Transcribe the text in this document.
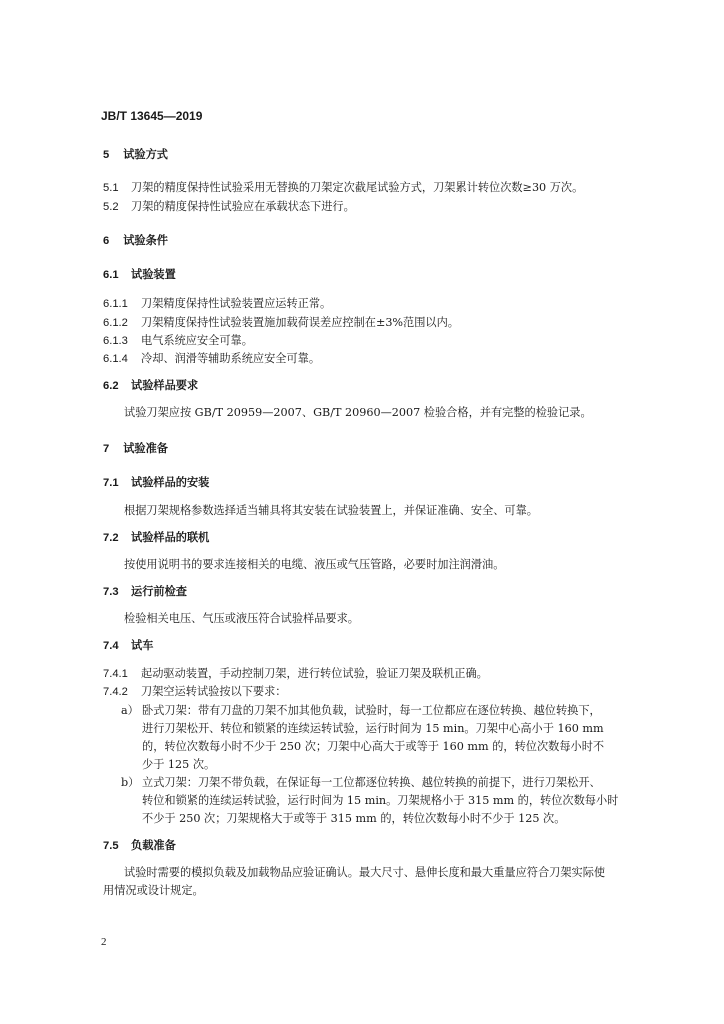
JB/T 13645—2019
5 试验方式
5.1 刀架的精度保持性试验采用无替换的刀架定次截尾试验方式，刀架累计转位次数≥30 万次。
5.2 刀架的精度保持性试验应在承载状态下进行。
6 试验条件
6.1 试验装置
6.1.1 刀架精度保持性试验装置应运转正常。
6.1.2 刀架精度保持性试验装置施加载荷误差应控制在±3%范围以内。
6.1.3 电气系统应安全可靠。
6.1.4 冷却、润滑等辅助系统应安全可靠。
6.2 试验样品要求
试验刀架应按 GB/T 20959—2007、GB/T 20960—2007 检验合格，并有完整的检验记录。
7 试验准备
7.1 试验样品的安装
根据刀架规格参数选择适当辅具将其安装在试验装置上，并保证准确、安全、可靠。
7.2 试验样品的联机
按使用说明书的要求连接相关的电缆、液压或气压管路，必要时加注润滑油。
7.3 运行前检查
检验相关电压、气压或液压符合试验样品要求。
7.4 试车
7.4.1 起动驱动装置，手动控制刀架，进行转位试验，验证刀架及联机正确。
7.4.2 刀架空运转试验按以下要求：
a） 卧式刀架：带有刀盘的刀架不加其他负载，试验时，每一工位都应在逐位转换、越位转换下，
进行刀架松开、转位和锁紧的连续运转试验，运行时间为 15 min。刀架中心高小于 160 mm
的，转位次数每小时不少于 250 次；刀架中心高大于或等于 160 mm 的，转位次数每小时不
少于 125 次。
b） 立式刀架：刀架不带负载，在保证每一工位都逐位转换、越位转换的前提下，进行刀架松开、
转位和锁紧的连续运转试验，运行时间为 15 min。刀架规格小于 315 mm 的，转位次数每小时
不少于 250 次；刀架规格大于或等于 315 mm 的，转位次数每小时不少于 125 次。
7.5 负载准备
试验时需要的模拟负载及加载物品应验证确认。最大尺寸、悬伸长度和最大重量应符合刀架实际使
用情况或设计规定。
2
